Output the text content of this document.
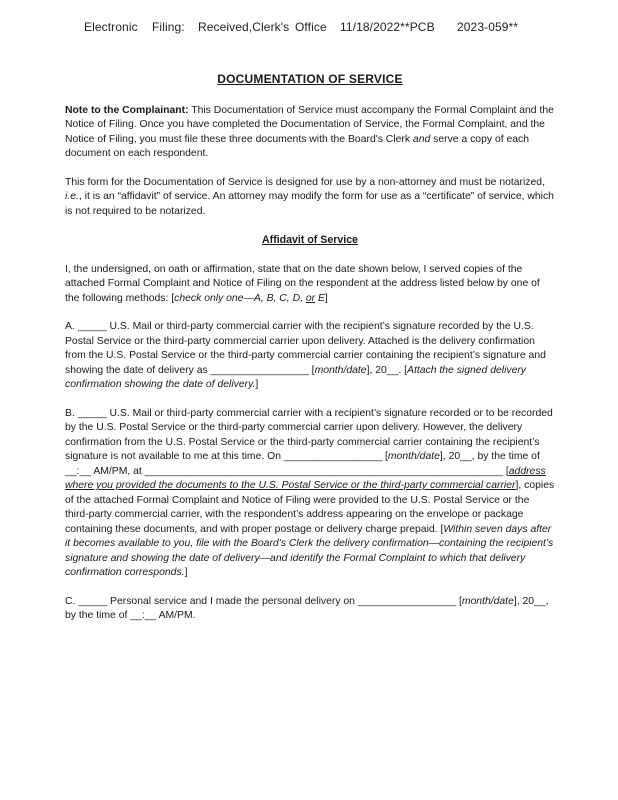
Electronic Filing: Received,Clerk's Office 11/18/2022**PCB 2023-059**
DOCUMENTATION OF SERVICE

Note to the Complainant: This Documentation of Service must accompany the Formal Complaint and the Notice of Filing. Once you have completed the Documentation of Service, the Formal Complaint, and the Notice of Filing, you must file these three documents with the Board's Clerk and serve a copy of each document on each respondent.

This form for the Documentation of Service is designed for use by a non-attorney and must be notarized, i.e., it is an “affidavit” of service. An attorney may modify the form for use as a “certificate” of service, which is not required to be notarized.

Affidavit of Service

I, the undersigned, on oath or affirmation, state that on the date shown below, I served copies of the attached Formal Complaint and Notice of Filing on the respondent at the address listed below by one of the following methods: [check only one—A, B, C, D, or E]

A. _____ U.S. Mail or third-party commercial carrier with the recipient’s signature recorded by the U.S. Postal Service or the third-party commercial carrier upon delivery. Attached is the delivery confirmation from the U.S. Postal Service or the third-party commercial carrier containing the recipient’s signature and showing the date of delivery as _________________ [month/date], 20__. [Attach the signed delivery confirmation showing the date of delivery.]

B. _____ U.S. Mail or third-party commercial carrier with a recipient’s signature recorded or to be recorded by the U.S. Postal Service or the third-party commercial carrier upon delivery. However, the delivery confirmation from the U.S. Postal Service or the third-party commercial carrier containing the recipient’s signature is not available to me at this time. On _________________ [month/date], 20__, by the time of __:__ AM/PM, at ______________________________________________________________ [address where you provided the documents to the U.S. Postal Service or the third-party commercial carrier], copies of the attached Formal Complaint and Notice of Filing were provided to the U.S. Postal Service or the third-party commercial carrier, with the respondent’s address appearing on the envelope or package containing these documents, and with proper postage or delivery charge prepaid. [Within seven days after it becomes available to you, file with the Board’s Clerk the delivery confirmation—containing the recipient’s signature and showing the date of delivery—and identify the Formal Complaint to which that delivery confirmation corresponds.]

C. _____ Personal service and I made the personal delivery on _________________ [month/date], 20__, by the time of __:__ AM/PM.
